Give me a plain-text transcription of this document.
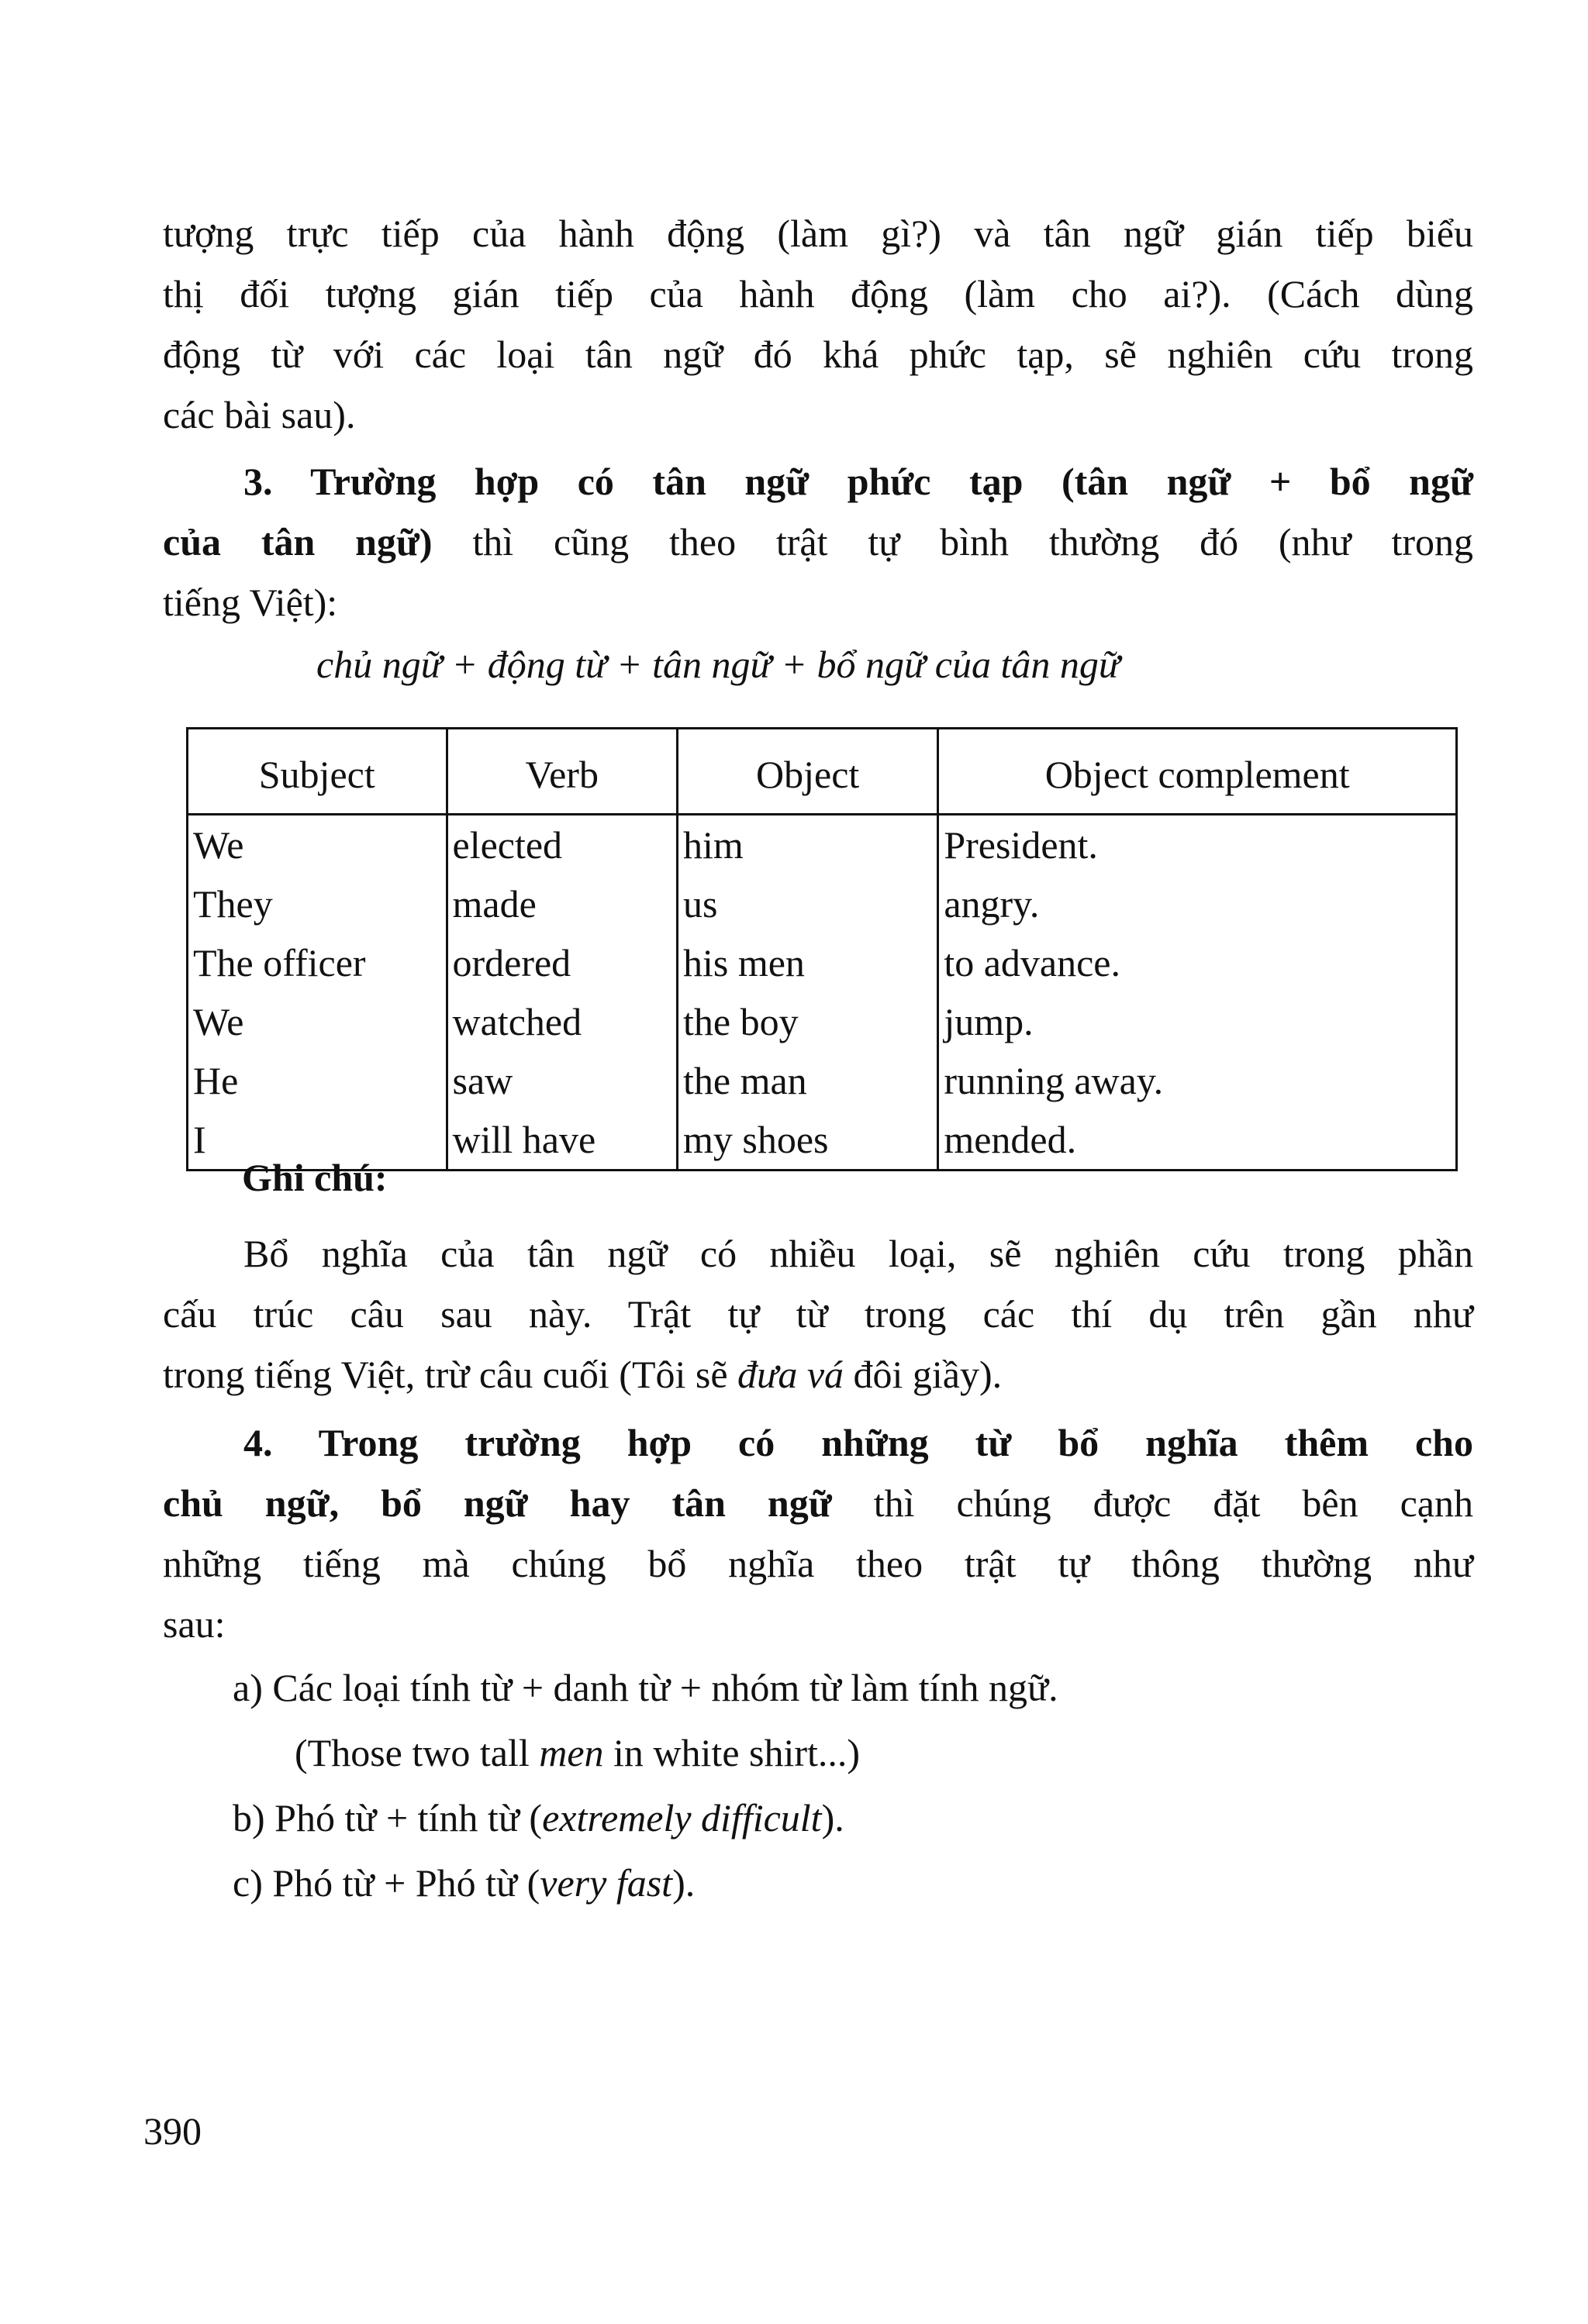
tượng trực tiếp của hành động (làm gì?) và tân ngữ gián tiếp biểu
thị đối tượng gián tiếp của hành động (làm cho ai?). (Cách dùng
động từ với các loại tân ngữ đó khá phức tạp, sẽ nghiên cứu trong
các bài sau).
3. Trường hợp có tân ngữ phức tạp (tân ngữ + bổ ngữ
của tân ngữ) thì cũng theo trật tự bình thường đó (như trong
tiếng Việt):
chủ ngữ + động từ + tân ngữ + bổ ngữ của tân ngữ
Subject	Verb	Object	Object complement
We	elected	him	President.
They	made	us	angry.
The officer	ordered	his men	to advance.
We	watched	the boy	jump.
He	saw	the man	running away.
I	will have	my shoes	mended.
Ghi chú:
Bổ nghĩa của tân ngữ có nhiều loại, sẽ nghiên cứu trong phần
cấu trúc câu sau này. Trật tự từ trong các thí dụ trên gần như
trong tiếng Việt, trừ câu cuối (Tôi sẽ đưa vá đôi giầy).
4. Trong trường hợp có những từ bổ nghĩa thêm cho
chủ ngữ, bổ ngữ hay tân ngữ thì chúng được đặt bên cạnh
những tiếng mà chúng bổ nghĩa theo trật tự thông thường như
sau:
a) Các loại tính từ + danh từ + nhóm từ làm tính ngữ.
(Those two tall men in white shirt...)
b) Phó từ + tính từ (extremely difficult).
c) Phó từ + Phó từ (very fast).
390
